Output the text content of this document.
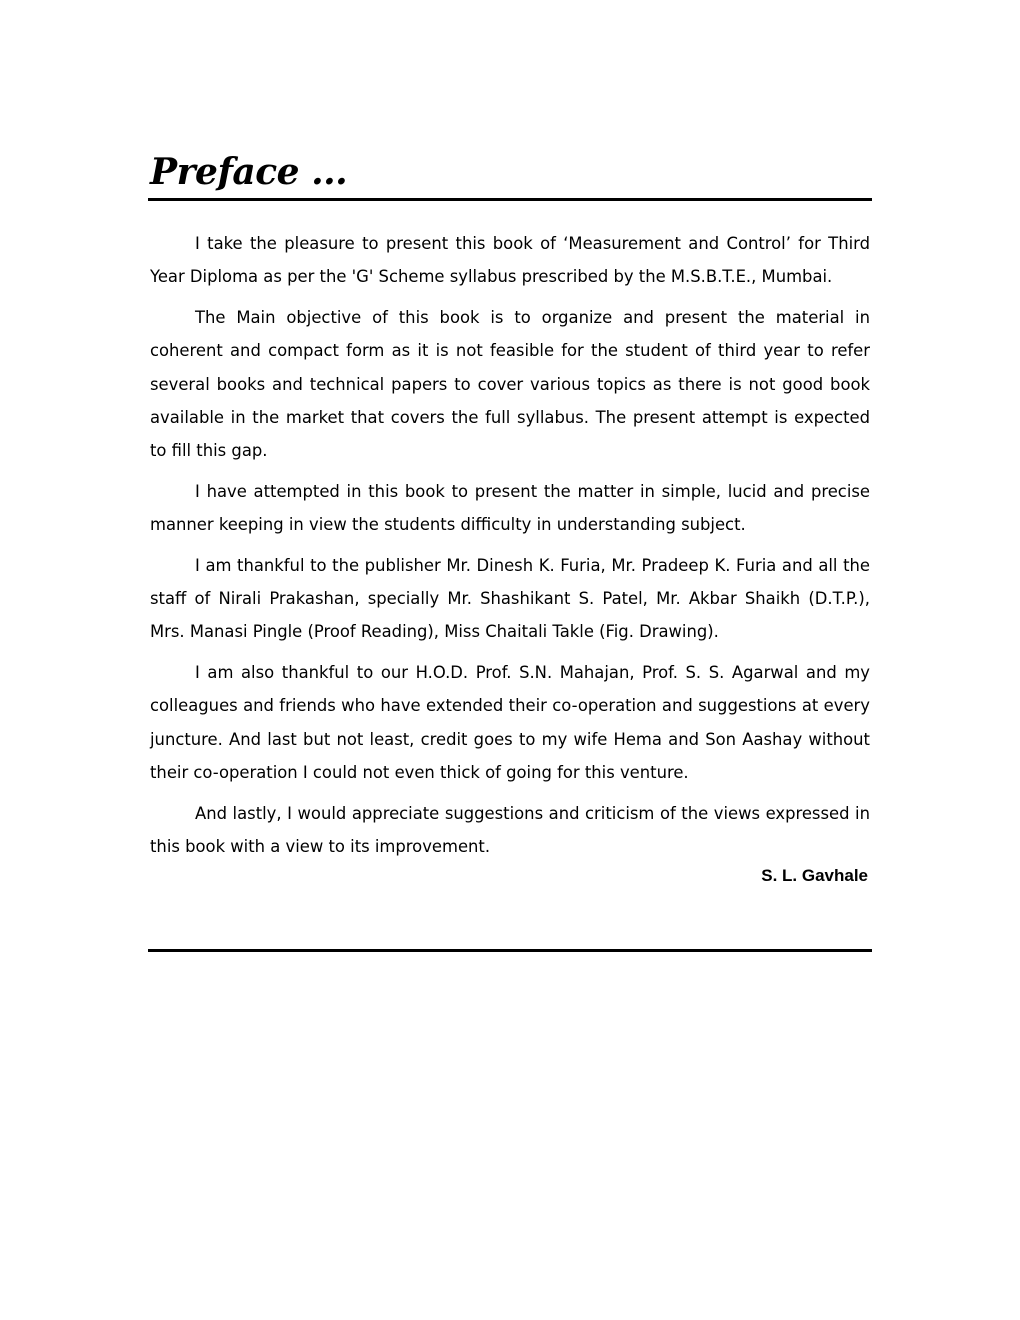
Preface ...

I take the pleasure to present this book of ‘Measurement and Control’ for Third Year Diploma as per the 'G' Scheme syllabus prescribed by the M.S.B.T.E., Mumbai.

The Main objective of this book is to organize and present the material in coherent and compact form as it is not feasible for the student of third year to refer several books and technical papers to cover various topics as there is not good book available in the market that covers the full syllabus. The present attempt is expected to fill this gap.

I have attempted in this book to present the matter in simple, lucid and precise manner keeping in view the students difficulty in understanding subject.

I am thankful to the publisher Mr. Dinesh K. Furia, Mr. Pradeep K. Furia and all the staff of Nirali Prakashan, specially Mr. Shashikant S. Patel, Mr. Akbar Shaikh (D.T.P.), Mrs. Manasi Pingle (Proof Reading), Miss Chaitali Takle (Fig. Drawing).

I am also thankful to our H.O.D. Prof. S.N. Mahajan, Prof. S. S. Agarwal and my colleagues and friends who have extended their co-operation and suggestions at every juncture. And last but not least, credit goes to my wife Hema and Son Aashay without their co-operation I could not even thick of going for this venture.

And lastly, I would appreciate suggestions and criticism of the views expressed in this book with a view to its improvement.

S. L. Gavhale
